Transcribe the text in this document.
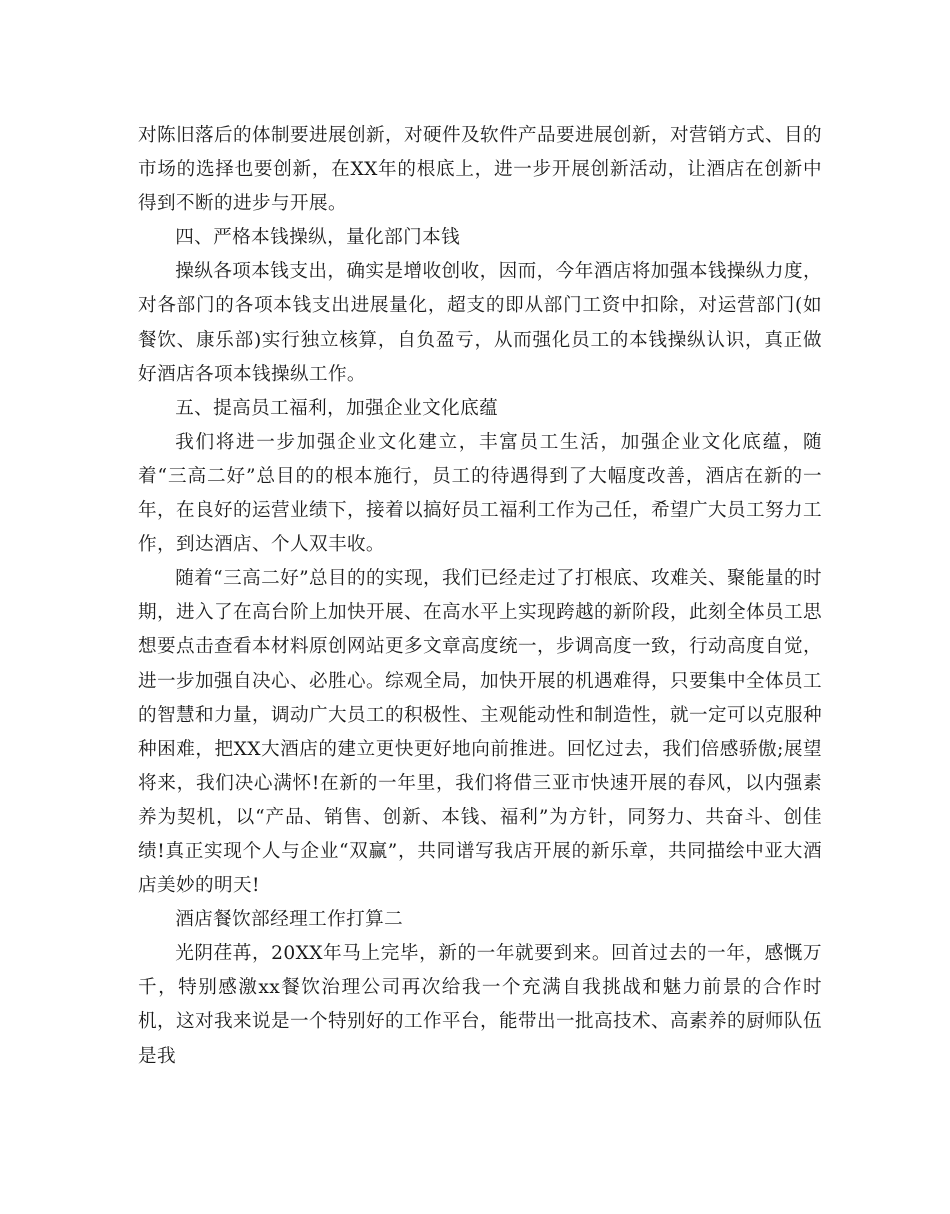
对陈旧落后的体制要进展创新，对硬件及软件产品要进展创新，对营销方式、目的市场的选择也要创新，在XX年的根底上，进一步开展创新活动，让酒店在创新中得到不断的进步与开展。

四、严格本钱操纵，量化部门本钱

操纵各项本钱支出，确实是增收创收，因而，今年酒店将加强本钱操纵力度，对各部门的各项本钱支出进展量化，超支的即从部门工资中扣除，对运营部门(如餐饮、康乐部)实行独立核算，自负盈亏，从而强化员工的本钱操纵认识，真正做好酒店各项本钱操纵工作。

五、提高员工福利，加强企业文化底蕴

我们将进一步加强企业文化建立，丰富员工生活，加强企业文化底蕴，随着“三高二好”总目的的根本施行，员工的待遇得到了大幅度改善，酒店在新的一年，在良好的运营业绩下，接着以搞好员工福利工作为己任，希望广大员工努力工作，到达酒店、个人双丰收。

随着“三高二好”总目的的实现，我们已经走过了打根底、攻难关、聚能量的时期，进入了在高台阶上加快开展、在高水平上实现跨越的新阶段，此刻全体员工思想要点击查看本材料原创网站更多文章高度统一，步调高度一致，行动高度自觉，进一步加强自决心、必胜心。综观全局，加快开展的机遇难得，只要集中全体员工的智慧和力量，调动广大员工的积极性、主观能动性和制造性，就一定可以克服种种困难，把XX大酒店的建立更快更好地向前推进。回忆过去，我们倍感骄傲;展望将来，我们决心满怀!在新的一年里，我们将借三亚市快速开展的春风，以内强素养为契机，以“产品、销售、创新、本钱、福利”为方针，同努力、共奋斗、创佳绩!真正实现个人与企业“双赢”，共同谱写我店开展的新乐章，共同描绘中亚大酒店美妙的明天!

酒店餐饮部经理工作打算二

光阴荏苒，20XX年马上完毕，新的一年就要到来。回首过去的一年，感慨万千，特别感激xx餐饮治理公司再次给我一个充满自我挑战和魅力前景的合作时机，这对我来说是一个特别好的工作平台，能带出一批高技术、高素养的厨师队伍是我
